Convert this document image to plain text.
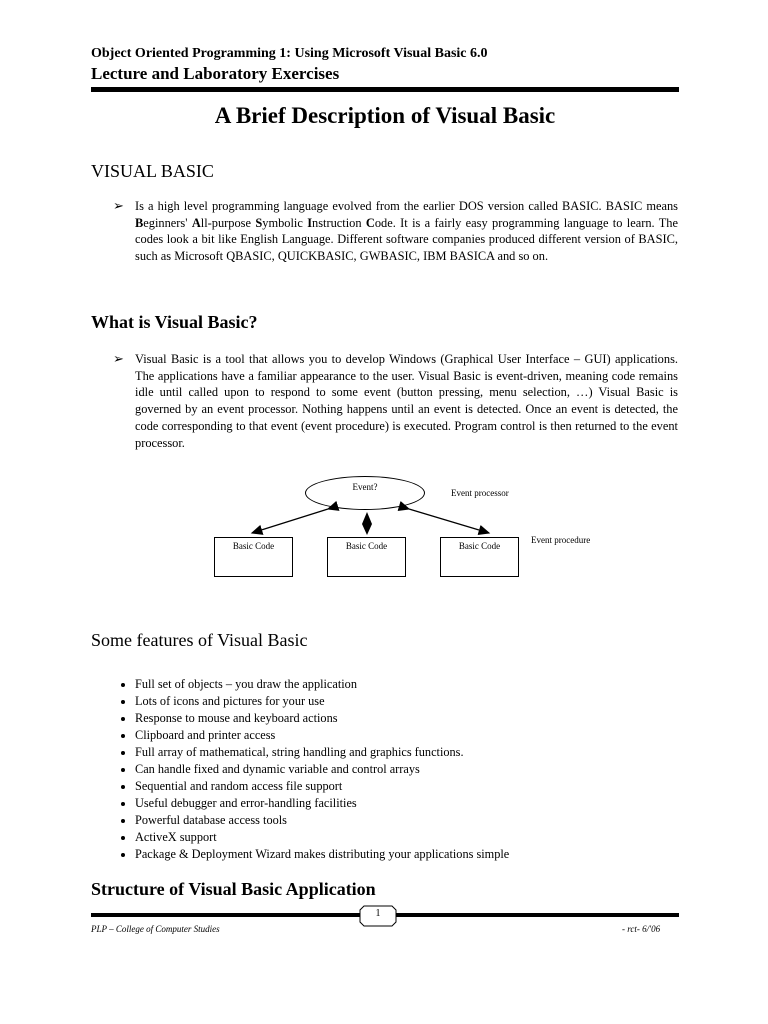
Object Oriented Programming 1: Using Microsoft Visual Basic 6.0
Lecture and Laboratory Exercises
A Brief Description of Visual Basic
VISUAL BASIC
➢ Is a high level programming language evolved from the earlier DOS version called BASIC. BASIC means Beginners' All-purpose Symbolic Instruction Code. It is a fairly easy programming language to learn. The codes look a bit like English Language. Different software companies produced different version of BASIC, such as Microsoft QBASIC, QUICKBASIC, GWBASIC, IBM BASICA and so on.
What is Visual Basic?
➢ Visual Basic is a tool that allows you to develop Windows (Graphical User Interface – GUI) applications. The applications have a familiar appearance to the user. Visual Basic is event-driven, meaning code remains idle until called upon to respond to some event (button pressing, menu selection, …) Visual Basic is governed by an event processor. Nothing happens until an event is detected. Once an event is detected, the code corresponding to that event (event procedure) is executed. Program control is then returned to the event processor.
Event?
Event processor
Event procedure
Basic Code	Basic Code	Basic Code
Some features of Visual Basic
• Full set of objects – you draw the application
• Lots of icons and pictures for your use
• Response to mouse and keyboard actions
• Clipboard and printer access
• Full array of mathematical, string handling and graphics functions.
• Can handle fixed and dynamic variable and control arrays
• Sequential and random access file support
• Useful debugger and error-handling facilities
• Powerful database access tools
• ActiveX support
• Package & Deployment Wizard makes distributing your applications simple
Structure of Visual Basic Application
1
PLP – College of Computer Studies	- rct- 6/'06
